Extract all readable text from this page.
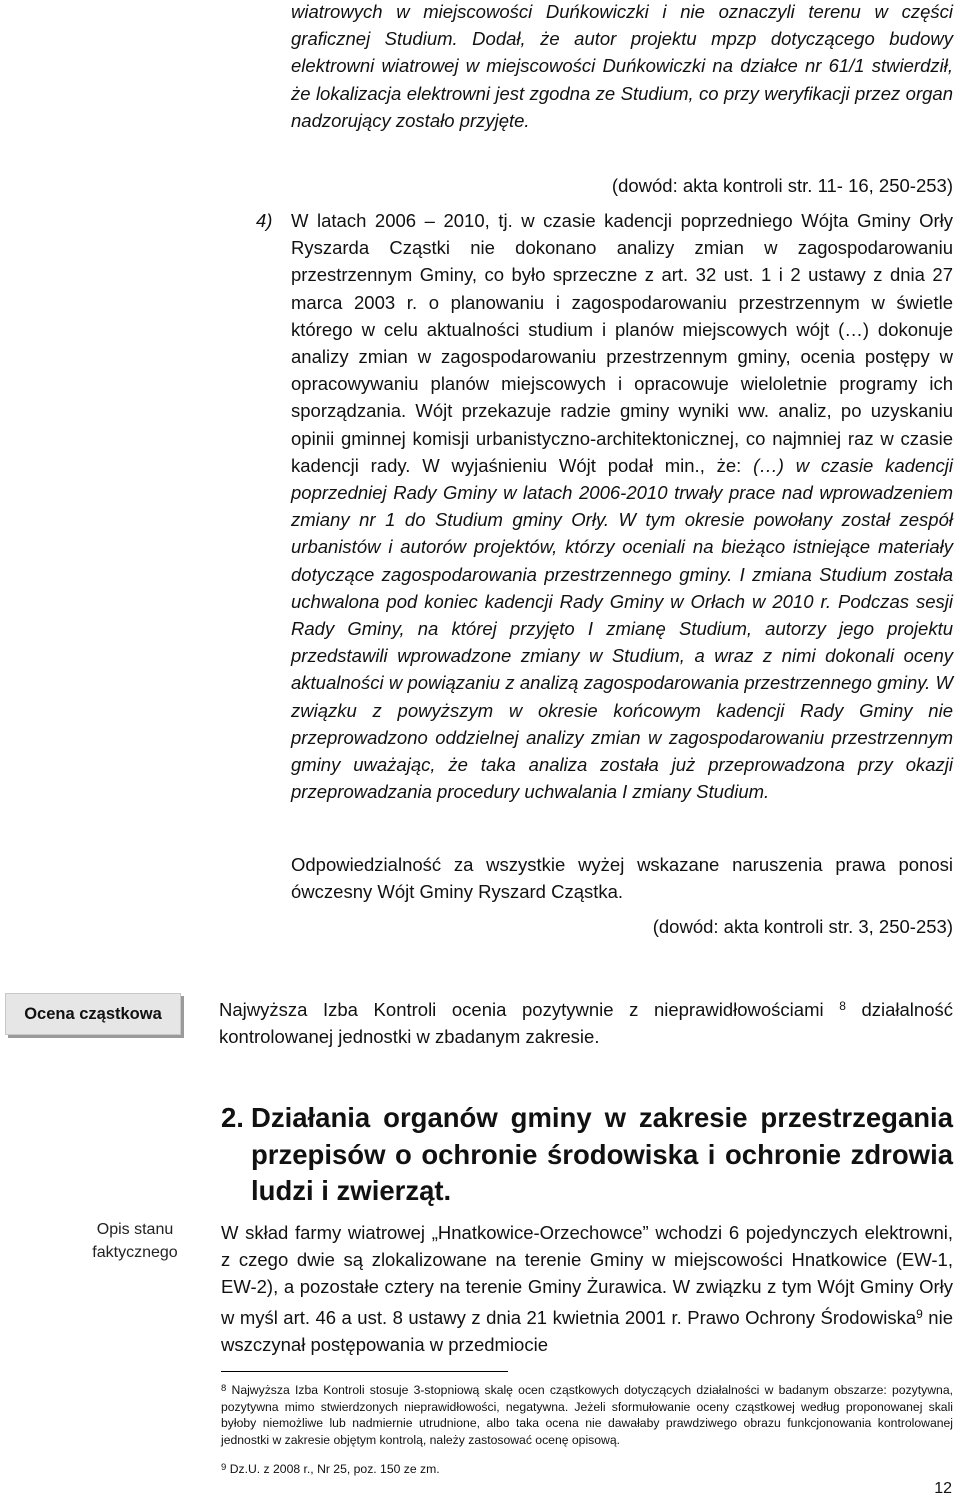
wiatrowych w miejscowości Duńkowiczki i nie oznaczyli terenu w części graficznej Studium. Dodał, że autor projektu mpzp dotyczącego budowy elektrowni wiatrowej w miejscowości Duńkowiczki na działce nr 61/1 stwierdził, że lokalizacja elektrowni jest zgodna ze Studium, co przy weryfikacji przez organ nadzorujący zostało przyjęte.
(dowód: akta kontroli str. 11- 16, 250-253)
4) W latach 2006 – 2010, tj. w czasie kadencji poprzedniego Wójta Gminy Orły Ryszarda Cząstki nie dokonano analizy zmian w zagospodarowaniu przestrzennym Gminy, co było sprzeczne z art. 32 ust. 1 i 2 ustawy z dnia 27 marca 2003 r. o planowaniu i zagospodarowaniu przestrzennym w świetle którego w celu aktualności studium i planów miejscowych wójt (…) dokonuje analizy zmian w zagospodarowaniu przestrzennym gminy, ocenia postępy w opracowywaniu planów miejscowych i opracowuje wieloletnie programy ich sporządzania. Wójt przekazuje radzie gminy wyniki ww. analiz, po uzyskaniu opinii gminnej komisji urbanistyczno-architektonicznej, co najmniej raz w czasie kadencji rady. W wyjaśnieniu Wójt podał min., że: (…) w czasie kadencji poprzedniej Rady Gminy w latach 2006-2010 trwały prace nad wprowadzeniem zmiany nr 1 do Studium gminy Orły. W tym okresie powołany został zespół urbanistów i autorów projektów, którzy oceniali na bieżąco istniejące materiały dotyczące zagospodarowania przestrzennego gminy. I zmiana Studium została uchwalona pod koniec kadencji Rady Gminy w Orłach w 2010 r. Podczas sesji Rady Gminy, na której przyjęto I zmianę Studium, autorzy jego projektu przedstawili wprowadzone zmiany w Studium, a wraz z nimi dokonali oceny aktualności w powiązaniu z analizą zagospodarowania przestrzennego gminy. W związku z powyższym w okresie końcowym kadencji Rady Gminy nie przeprowadzono oddzielnej analizy zmian w zagospodarowaniu przestrzennym gminy uważając, że taka analiza została już przeprowadzona przy okazji przeprowadzania procedury uchwalania I zmiany Studium.
Odpowiedzialność za wszystkie wyżej wskazane naruszenia prawa ponosi ówczesny Wójt Gminy Ryszard Cząstka.
(dowód: akta kontroli str. 3, 250-253)
Ocena cząstkowa	Najwyższa Izba Kontroli ocenia pozytywnie z nieprawidłowościami $^8$ działalność kontrolowanej jednostki w zbadanym zakresie.
2. Działania organów gminy w zakresie przestrzegania przepisów o ochronie środowiska i ochronie zdrowia ludzi i zwierząt.
Opis stanu faktycznego
W skład farmy wiatrowej „Hnatkowice-Orzechowce” wchodzi 6 pojedynczych elektrowni, z czego dwie są zlokalizowane na terenie Gminy w miejscowości Hnatkowice (EW-1, EW-2), a pozostałe cztery na terenie Gminy Żurawica. W związku z tym Wójt Gminy Orły w myśl art. 46 a ust. 8 ustawy z dnia 21 kwietnia 2001 r. Prawo Ochrony Środowiska$^9$ nie wszczynał postępowania w przedmiocie
$^8$ Najwyższa Izba Kontroli stosuje 3-stopniową skalę ocen cząstkowych dotyczących działalności w badanym obszarze: pozytywna, pozytywna mimo stwierdzonych nieprawidłowości, negatywna. Jeżeli sformułowanie oceny cząstkowej według proponowanej skali byłoby niemożliwe lub nadmiernie utrudnione, albo taka ocena nie dawałaby prawdziwego obrazu funkcjonowania kontrolowanej jednostki w zakresie objętym kontrolą, należy zastosować ocenę opisową.
$^9$ Dz.U. z 2008 r., Nr 25, poz. 150 ze zm.
12
